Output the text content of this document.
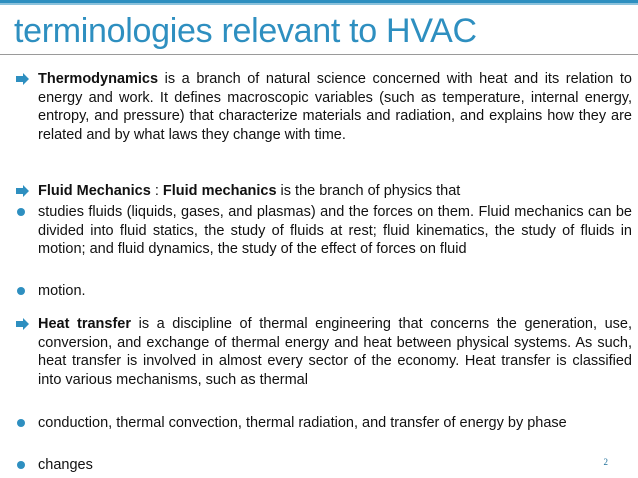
terminologies relevant to HVAC

Thermodynamics is a branch of natural science concerned with heat and its relation to energy and work. It defines macroscopic variables (such as temperature, internal energy, entropy, and pressure) that characterize materials and radiation, and explains how they are related and by what laws they change with time.

Fluid Mechanics : Fluid mechanics is the branch of physics that

studies fluids (liquids, gases, and plasmas) and the forces on them. Fluid mechanics can be divided into fluid statics, the study of fluids at rest; fluid kinematics, the study of fluids in motion; and fluid dynamics, the study of the effect of forces on fluid

motion.

Heat transfer is a discipline of thermal engineering that concerns the generation, use, conversion, and exchange of thermal energy and heat between physical systems. As such, heat transfer is involved in almost every sector of the economy. Heat transfer is classified into various mechanisms, such as thermal

conduction, thermal convection, thermal radiation, and transfer of energy by phase

changes	2
